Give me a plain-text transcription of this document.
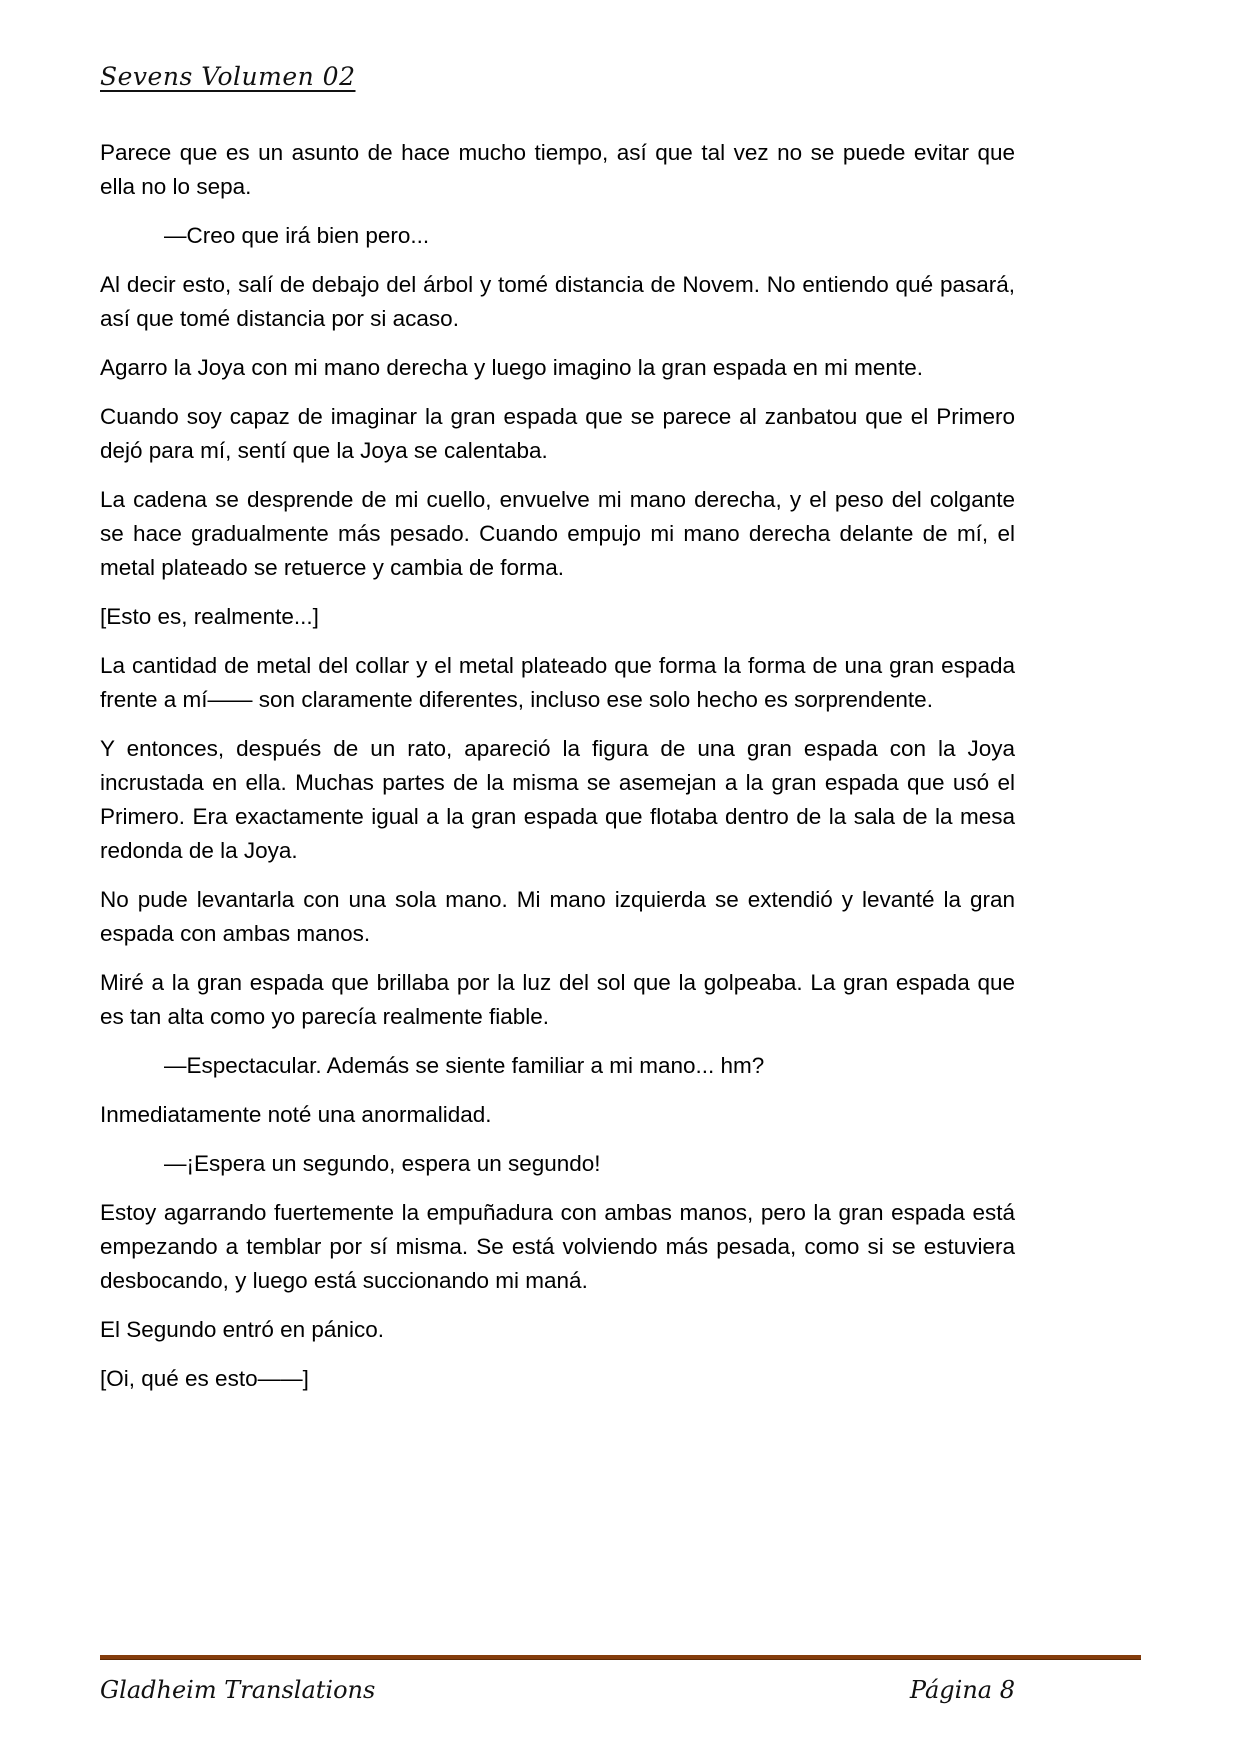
Sevens Volumen 02

Parece que es un asunto de hace mucho tiempo, así que tal vez no se puede evitar que ella no lo sepa.

—Creo que irá bien pero...

Al decir esto, salí de debajo del árbol y tomé distancia de Novem. No entiendo qué pasará, así que tomé distancia por si acaso.

Agarro la Joya con mi mano derecha y luego imagino la gran espada en mi mente.

Cuando soy capaz de imaginar la gran espada que se parece al zanbatou que el Primero dejó para mí, sentí que la Joya se calentaba.

La cadena se desprende de mi cuello, envuelve mi mano derecha, y el peso del colgante se hace gradualmente más pesado. Cuando empujo mi mano derecha delante de mí, el metal plateado se retuerce y cambia de forma.

[Esto es, realmente...]

La cantidad de metal del collar y el metal plateado que forma la forma de una gran espada frente a mí—— son claramente diferentes, incluso ese solo hecho es sorprendente.

Y entonces, después de un rato, apareció la figura de una gran espada con la Joya incrustada en ella. Muchas partes de la misma se asemejan a la gran espada que usó el Primero. Era exactamente igual a la gran espada que flotaba dentro de la sala de la mesa redonda de la Joya.

No pude levantarla con una sola mano. Mi mano izquierda se extendió y levanté la gran espada con ambas manos.

Miré a la gran espada que brillaba por la luz del sol que la golpeaba. La gran espada que es tan alta como yo parecía realmente fiable.

—Espectacular. Además se siente familiar a mi mano... hm?

Inmediatamente noté una anormalidad.

—¡Espera un segundo, espera un segundo!

Estoy agarrando fuertemente la empuñadura con ambas manos, pero la gran espada está empezando a temblar por sí misma. Se está volviendo más pesada, como si se estuviera desbocando, y luego está succionando mi maná.

El Segundo entró en pánico.

[Oi, qué es esto——]

Gladheim Translations	Página 8
